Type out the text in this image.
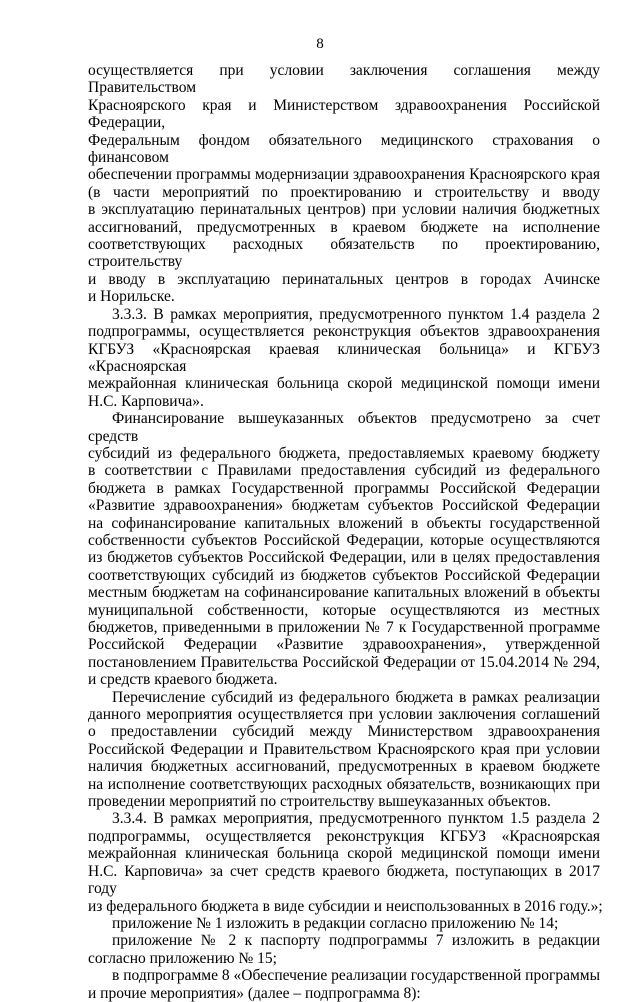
8
осуществляется при условии заключения соглашения между Правительством
Красноярского края и Министерством здравоохранения Российской Федерации,
Федеральным фондом обязательного медицинского страхования о финансовом
обеспечении программы модернизации здравоохранения Красноярского края
(в части мероприятий по проектированию и строительству и вводу
в эксплуатацию перинатальных центров) при условии наличия бюджетных
ассигнований, предусмотренных в краевом бюджете на исполнение
соответствующих расходных обязательств по проектированию, строительству
и вводу в эксплуатацию перинатальных центров в городах Ачинске
и Норильске.
3.3.3. В рамках мероприятия, предусмотренного пунктом 1.4 раздела 2
подпрограммы, осуществляется реконструкция объектов здравоохранения
КГБУЗ «Красноярская краевая клиническая больница» и КГБУЗ «Красноярская
межрайонная клиническая больница скорой медицинской помощи имени
Н.С. Карповича».
Финансирование вышеуказанных объектов предусмотрено за счет средств
субсидий из федерального бюджета, предоставляемых краевому бюджету
в соответствии с Правилами предоставления субсидий из федерального
бюджета в рамках Государственной программы Российской Федерации
«Развитие здравоохранения» бюджетам субъектов Российской Федерации
на софинансирование капитальных вложений в объекты государственной
собственности субъектов Российской Федерации, которые осуществляются
из бюджетов субъектов Российской Федерации, или в целях предоставления
соответствующих субсидий из бюджетов субъектов Российской Федерации
местным бюджетам на софинансирование капитальных вложений в объекты
муниципальной собственности, которые осуществляются из местных
бюджетов, приведенными в приложении № 7 к Государственной программе
Российской Федерации «Развитие здравоохранения», утвержденной
постановлением Правительства Российской Федерации от 15.04.2014 № 294,
и средств краевого бюджета.
Перечисление субсидий из федерального бюджета в рамках реализации
данного мероприятия осуществляется при условии заключения соглашений
о предоставлении субсидий между Министерством здравоохранения
Российской Федерации и Правительством Красноярского края при условии
наличия бюджетных ассигнований, предусмотренных в краевом бюджете
на исполнение соответствующих расходных обязательств, возникающих при
проведении мероприятий по строительству вышеуказанных объектов.
3.3.4. В рамках мероприятия, предусмотренного пунктом 1.5 раздела 2
подпрограммы, осуществляется реконструкция КГБУЗ «Красноярская
межрайонная клиническая больница скорой медицинской помощи имени
Н.С. Карповича» за счет средств краевого бюджета, поступающих в 2017 году
из федерального бюджета в виде субсидии и неиспользованных в 2016 году.»;
приложение № 1 изложить в редакции согласно приложению № 14;
приложение № 2 к паспорту подпрограммы 7 изложить в редакции
согласно приложению № 15;
в подпрограмме 8 «Обеспечение реализации государственной программы
и прочие мероприятия» (далее – подпрограмма 8):
